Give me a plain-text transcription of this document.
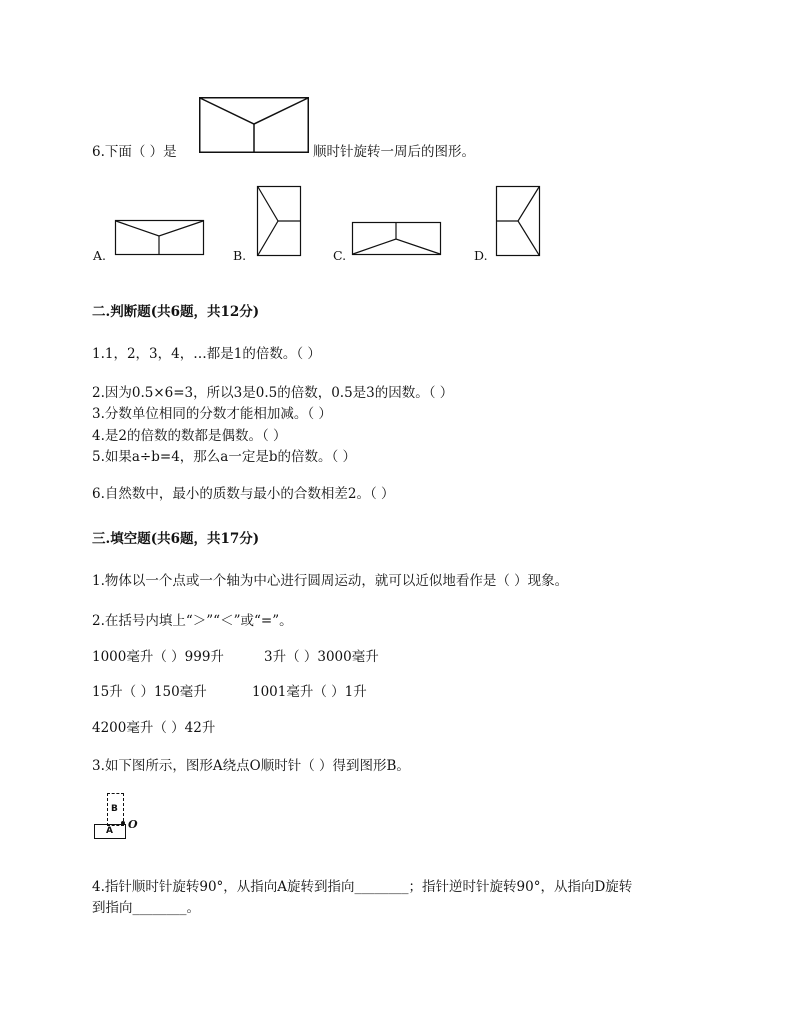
6.下面（ ）是	顺时针旋转一周后的图形。
A.	B.	C.	D.
二.判断题(共6题，共12分)
1.1，2，3，4，…都是1的倍数。（ ）
2.因为0.5×6=3，所以3是0.5的倍数，0.5是3的因数。（ ）
3.分数单位相同的分数才能相加减。（ ）
4.是2的倍数的数都是偶数。（ ）
5.如果a÷b=4，那么a一定是b的倍数。（ ）
6.自然数中，最小的质数与最小的合数相差2。（ ）
三.填空题(共6题，共17分)
1.物体以一个点或一个轴为中心进行圆周运动，就可以近似地看作是（ ）现象。
2.在括号内填上“＞”“＜”或“=”。
1000毫升（ ）999升	3升（ ）3000毫升
15升（ ）150毫升	1001毫升（ ）1升
4200毫升（ ）42升
3.如下图所示，图形A绕点O顺时针（ ）得到图形B。
B
A O
4.指针顺时针旋转90°，从指向A旋转到指向________；指针逆时针旋转90°，从指向D旋转
到指向________。
